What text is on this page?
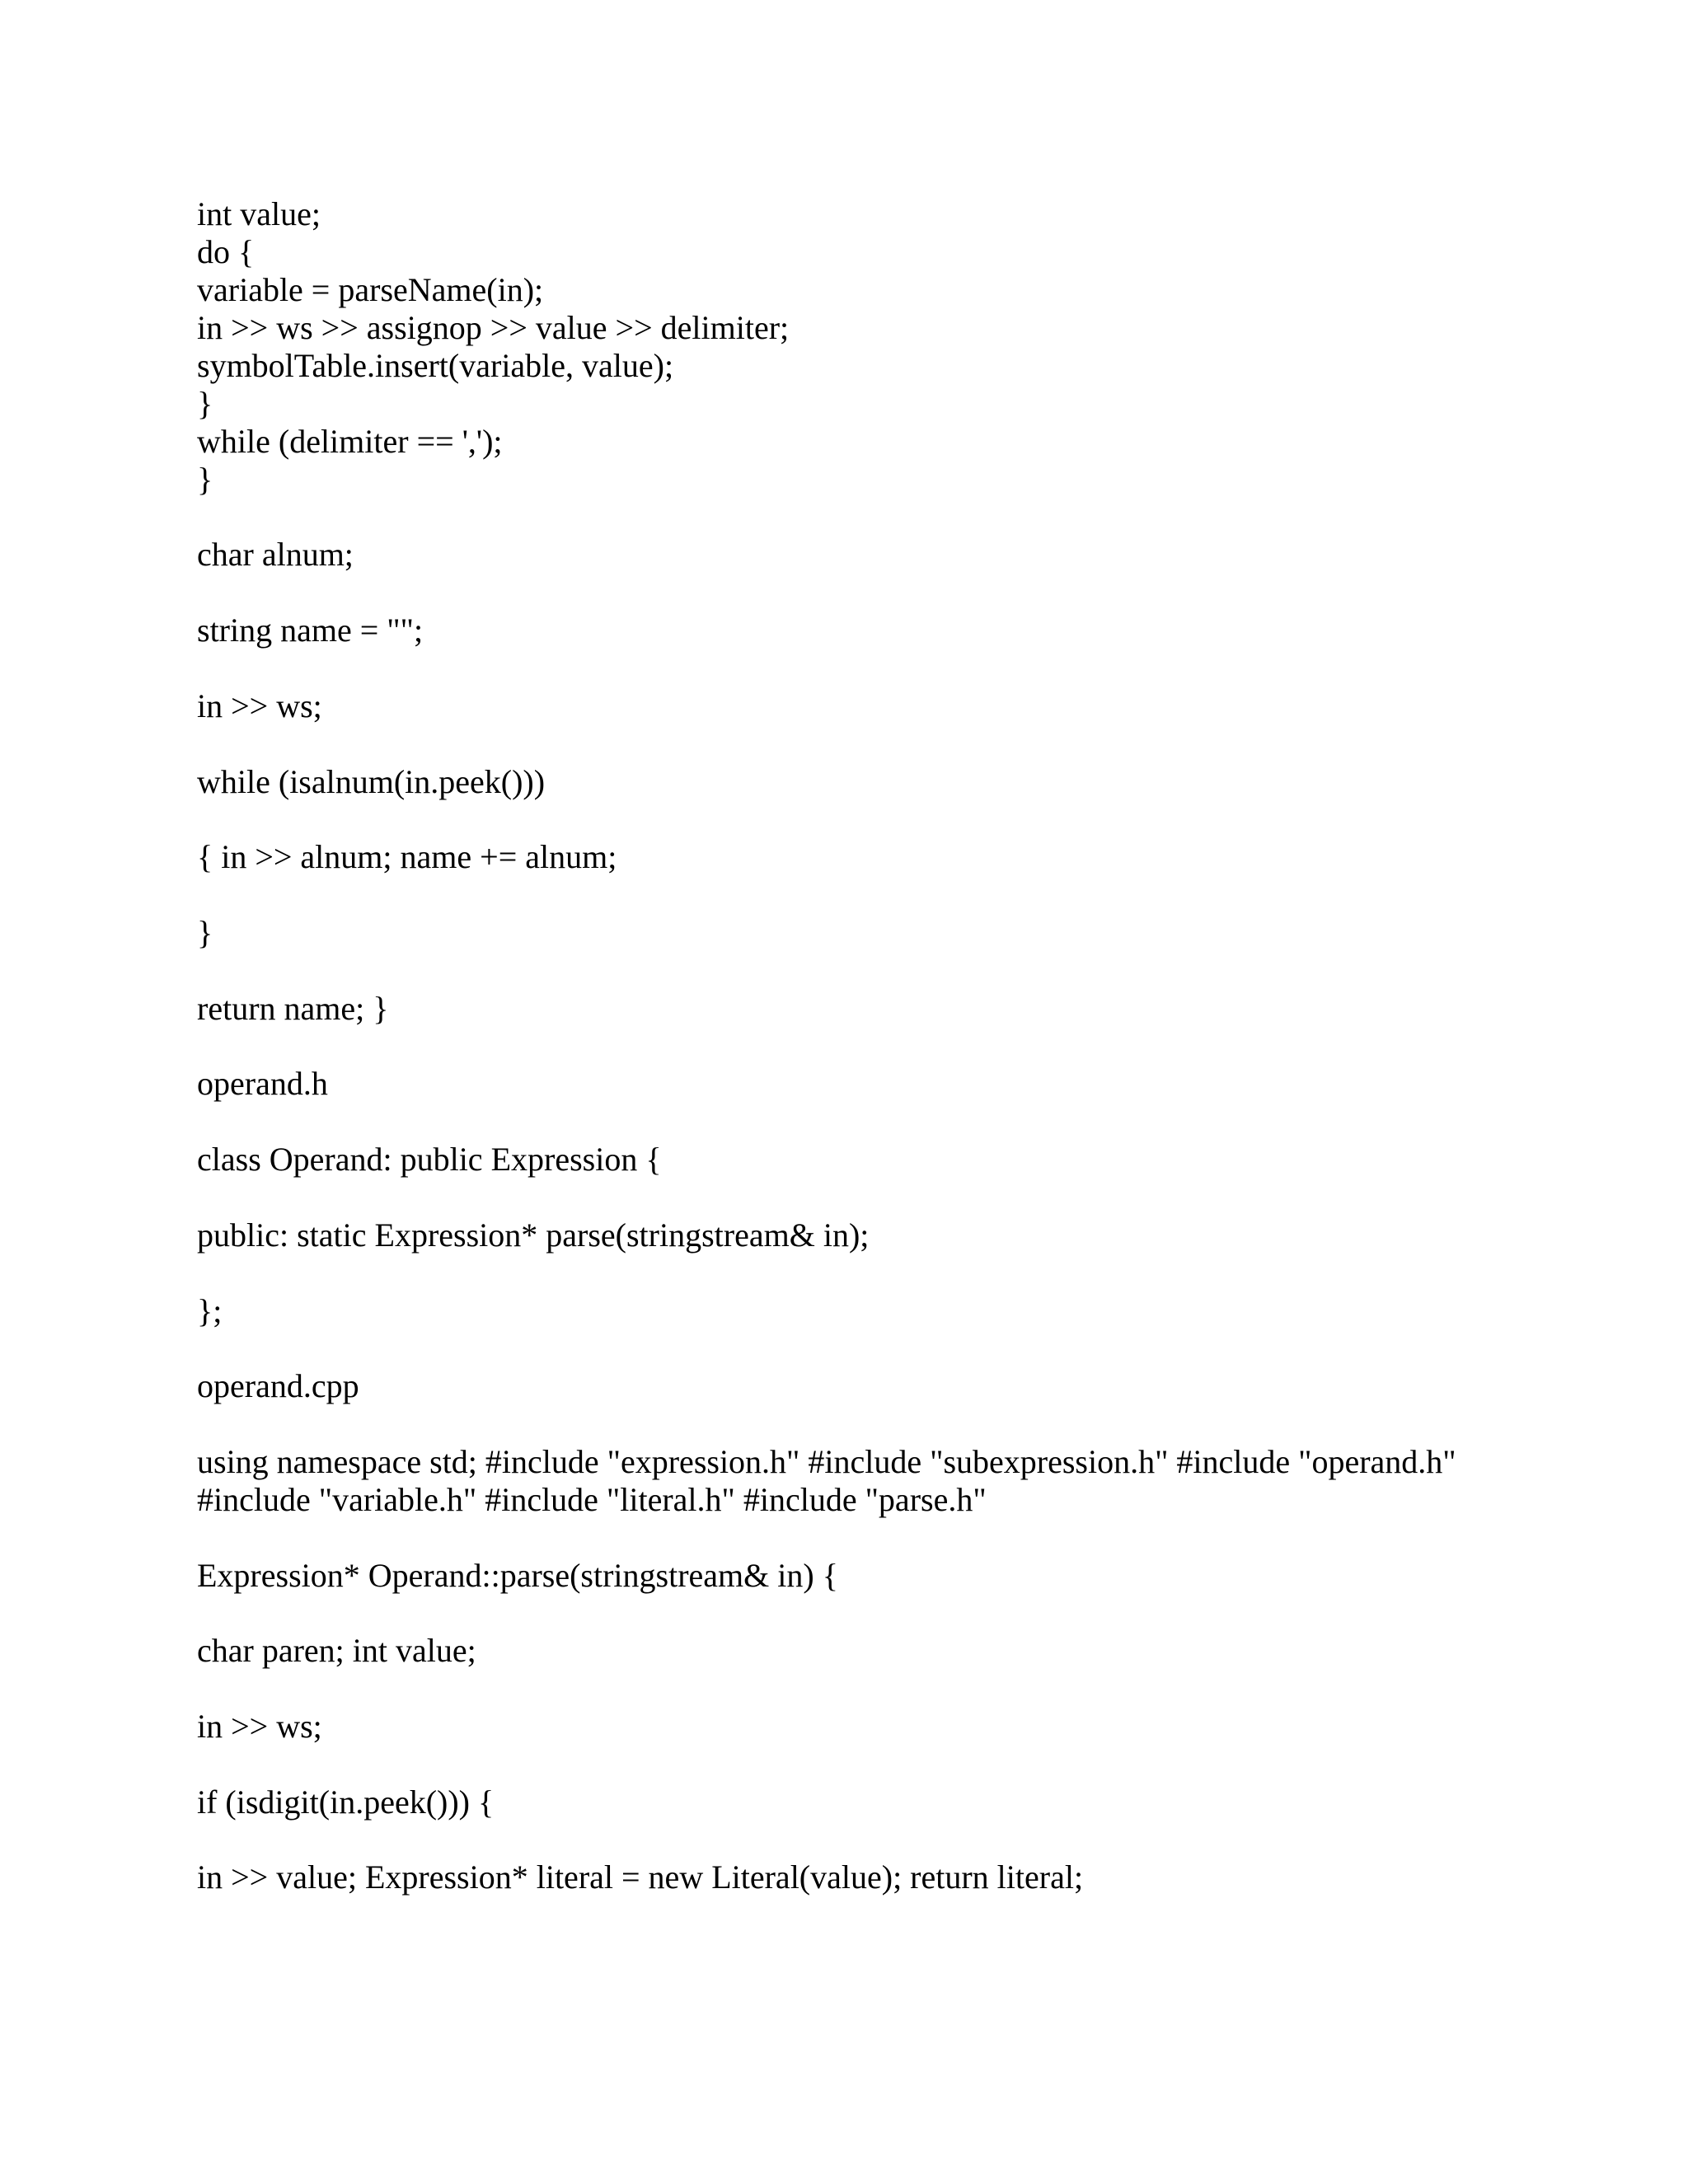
int value;
do {
variable = parseName(in);
in >> ws >> assignop >> value >> delimiter;
symbolTable.insert(variable, value);
}
while (delimiter == ',');
}
char alnum;
string name = "";
in >> ws;
while (isalnum(in.peek()))
{ in >> alnum; name += alnum;
}
return name; }
operand.h
class Operand: public Expression {
public: static Expression* parse(stringstream& in);
};
operand.cpp
using namespace std; #include "expression.h" #include "subexpression.h" #include "operand.h"
#include "variable.h" #include "literal.h" #include "parse.h"
Expression* Operand::parse(stringstream& in) {
char paren; int value;
in >> ws;
if (isdigit(in.peek())) {
in >> value; Expression* literal = new Literal(value); return literal;
